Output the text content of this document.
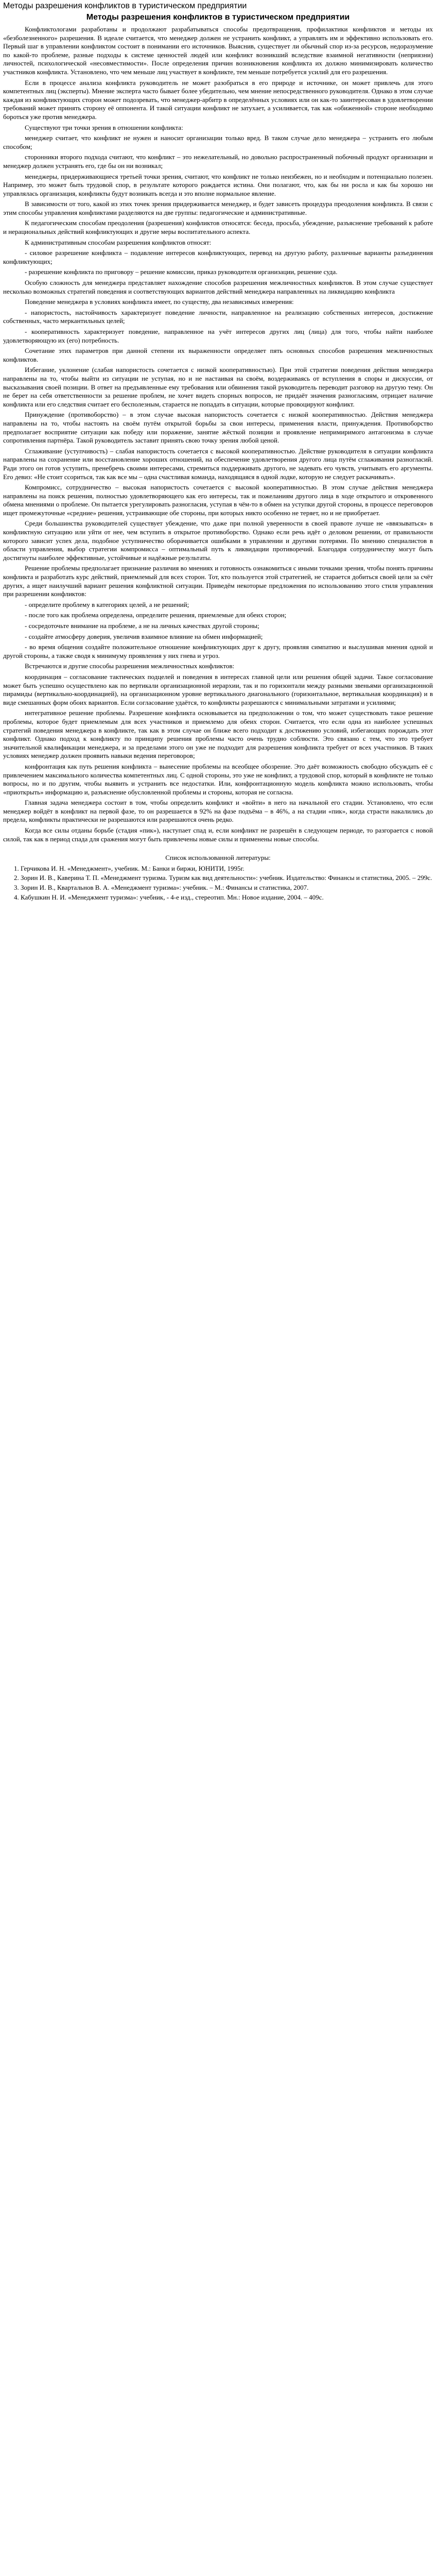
Методы разрешения конфликтов в туристическом предприятии
Методы разрешения конфликтов в туристическом предприятии

Конфликтологами разработаны и продолжают разрабатываться способы предотвращения, профилактики конфликтов и методы их «безболезненного» разрешения. В идеале считается, что менеджер должен не устранить конфликт, а управлять им и эффективно использовать его. Первый шаг в управлении конфликтом состоит в понимании его источников. Выяснив, существует ли обычный спор из-за ресурсов, недоразумение по какой-то проблеме, разные подходы к системе ценностей людей или конфликт возникший вследствие взаимной негативности (неприязни) личностей, психологической «несовместимости». После определения причин возникновения конфликта их должно минимизировать количество участников конфликта. Установлено, что чем меньше лиц участвует в конфликте, тем меньше потребуется усилий для его разрешения.

Если в процессе анализа конфликта руководитель не может разобраться в его природе и источнике, он может привлечь для этого компетентных лиц (эксперты). Мнение эксперта часто бывает более убедительно, чем мнение непосредственного руководителя. Однако в этом случае каждая из конфликтующих сторон может подозревать, что менеджер-арбитр в определённых условиях или он как-то заинтересован в удовлетворении требований может принять сторону её оппонента. И такой ситуации конфликт не затухает, а усиливается, так как «обиженной» стороне необходимо бороться уже против менеджера.

Существуют три точки зрения в отношении конфликта:

менеджер считает, что конфликт не нужен и наносит организации только вред. В таком случае дело менеджера – устранить его любым способом;

сторонники второго подхода считают, что конфликт – это нежелательный, но довольно распространенный побочный продукт организации и менеджер должен устранять его, где бы он ни возникал;

менеджеры, придерживающиеся третьей точки зрения, считают, что конфликт не только неизбежен, но и необходим и потенциально полезен. Например, это может быть трудовой спор, в результате которого рождается истина. Они полагают, что, как бы ни росла и как бы хорошо ни управлялась организация, конфликты будут возникать всегда и это вполне нормальное явление.

В зависимости от того, какой из этих точек зрения придерживается менеджер, и будет зависеть процедура преодоления конфликта. В связи с этим способы управления конфликтами разделяются на две группы: педагогические и административные.

К педагогическим способам преодоления (разрешения) конфликтов относятся: беседа, просьба, убеждение, разъяснение требований к работе и нерациональных действий конфликтующих и другие меры воспитательного аспекта.

К административным способам разрешения конфликтов относят:

- силовое разрешение конфликта – подавление интересов конфликтующих, перевод на другую работу, различные варианты разъединения конфликтующих;

- разрешение конфликта по приговору – решение комиссии, приказ руководителя организации, решение суда.

Особую сложность для менеджера представляет нахождение способов разрешения межличностных конфликтов. В этом случае существует несколько возможных стратегий поведения и соответствующих вариантов действий менеджера направленных на ликвидацию конфликта

Поведение менеджера в условиях конфликта имеет, по существу, два независимых измерения:

- напористость, настойчивость характеризует поведение личности, направленное на реализацию собственных интересов, достижение собственных, часто меркантильных целей;

- кооперативность характеризует поведение, направленное на учёт интересов других лиц (лица) для того, чтобы найти наиболее удовлетворяющую их (его) потребность.

Сочетание этих параметров при данной степени их выраженности определяет пять основных способов разрешения межличностных конфликтов.

Избегание, уклонение (слабая напористость сочетается с низкой кооперативностью). При этой стратегии поведения действия менеджера направлены на то, чтобы выйти из ситуации не уступая, но и не настаивая на своём, воздерживаясь от вступления в споры и дискуссии, от высказывания своей позиции. В ответ на предъявленные ему требования или обвинения такой руководитель переводит разговор на другую тему. Он не берет на себя ответственности за решение проблем, не хочет видеть спорных вопросов, не придаёт значения разногласиям, отрицает наличие конфликта или его следствия считает его бесполезным, старается не попадать в ситуации, которые провоцируют конфликт.

Принуждение (противоборство) – в этом случае высокая напористость сочетается с низкой кооперативностью. Действия менеджера направлены на то, чтобы настоять на своём путём открытой борьбы за свои интересы, применения власти, принуждения. Противоборство предполагает восприятие ситуации как победу или поражение, занятие жёсткой позиции и проявление непримиримого антагонизма в случае сопротивления партнёра. Такой руководитель заставит принять свою точку зрения любой ценой.

Сглаживание (уступчивость) – слабая напористость сочетается с высокой кооперативностью. Действие руководителя в ситуации конфликта направлены на сохранение или восстановление хороших отношений, на обеспечение удовлетворения другого лица путём сглаживания разногласий. Ради этого он готов уступить, пренебречь своими интересами, стремиться поддерживать другого, не задевать его чувств, учитывать его аргументы. Его девиз: «Не стоит ссориться, так как все мы – одна счастливая команда, находящаяся в одной лодке, которую не следует раскачивать».

Компромисс, сотрудничество – высокая напористость сочетается с высокой кооперативностью. В этом случае действия менеджера направлены на поиск решения, полностью удовлетворяющего как его интересы, так и пожеланиям другого лица в ходе открытого и откровенного обмена мнениями о проблеме. Он пытается урегулировать разногласия, уступая в чём-то в обмен на уступки другой стороны, в процессе переговоров ищет промежуточные «средние» решения, устраивающие обе стороны, при которых никто особенно не теряет, но и не приобретает.

Среди большинства руководителей существует убеждение, что даже при полной уверенности в своей правоте лучше не «ввязываться» в конфликтную ситуацию или уйти от нее, чем вступить в открытое противоборство. Однако если речь идёт о деловом решении, от правильности которого зависит успех дела, подобное уступничество оборачивается ошибками в управлении и другими потерями. По мнению специалистов в области управления, выбор стратегии компромисса – оптимальный путь к ликвидации противоречий. Благодаря сотрудничеству могут быть достигнуты наиболее эффективные, устойчивые и надёжные результаты.

Решение проблемы предполагает признание различия во мнениях и готовность ознакомиться с иными точками зрения, чтобы понять причины конфликта и разработать курс действий, приемлемый для всех сторон. Тот, кто пользуется этой стратегией, не старается добиться своей цели за счёт других, а ищет наилучший вариант решения конфликтной ситуации. Приведём некоторые предложения по использованию этого стиля управления при разрешении конфликтов:

- определите проблему в категориях целей, а не решений;

- после того как проблема определена, определите решения, приемлемые для обеих сторон;

- сосредоточьте внимание на проблеме, а не на личных качествах другой стороны;

- создайте атмосферу доверия, увеличив взаимное влияние на обмен информацией;

- во время общения создайте положительное отношение конфликтующих друг к другу, проявляя симпатию и выслушивая мнения одной и другой стороны, а также сводя к минимуму проявления у них гнева и угроз.

Встречаются и другие способы разрешения межличностных конфликтов:

координация – согласование тактических подцелей и поведения в интересах главной цели или решения общей задачи. Такое согласование может быть успешно осуществлено как по вертикали организационной иерархии, так и по горизонтали между разными звеньями организационной пирамиды (вертикально-координацией), на организационном уровне вертикального диагонального (горизонтальное, вертикальная координация) и в виде смешанных форм обоих вариантов. Если согласование удаётся, то конфликты разрешаются с минимальными затратами и усилиями;

интегративное решение проблемы. Разрешение конфликта основывается на предположении о том, что может существовать такое решение проблемы, которое будет приемлемым для всех участников и приемлемо для обеих сторон. Считается, что если одна из наиболее успешных стратегий поведения менеджера в конфликте, так как в этом случае он ближе всего подходит к достижению условий, избегающих порождать этот конфликт. Однако подход к конфликту по принципу решения проблемы часто очень трудно соблюсти. Это связано с тем, что это требует значительной квалификации менеджера, и за пределами этого он уже не подходит для разрешения конфликта требует от всех участников. В таких условиях менеджер должен проявить навыки ведения переговоров;

конфронтация как путь решения конфликта – вынесение проблемы на всеобщее обозрение. Это даёт возможность свободно обсуждать её с привлечением максимального количества компетентных лиц. С одной стороны, это уже не конфликт, а трудовой спор, который в конфликте не только вопросы, но и по другим, чтобы выявить и устранить все недостатки. Или, конфронтационную модель конфликта можно использовать, чтобы «приоткрыть» информацию и, разъяснение обусловленной проблемы и стороны, которая не согласна.

Главная задача менеджера состоит в том, чтобы определить конфликт и «войти» в него на начальной его стадии. Установлено, что если менеджер войдёт в конфликт на первой фазе, то он разрешается в 92% на фазе подъёма – в 46%, а на стадии «пик», когда страсти накалились до предела, конфликты практически не разрешаются или разрешаются очень редко.

Когда все силы отданы борьбе (стадия «пик»), наступает спад и, если конфликт не разрешён в следующем периоде, то разгорается с новой силой, так как в период спада для сражения могут быть привлечены новые силы и применены новые способы.

Список использованной литературы:

1. Герчикова И. Н. «Менеджмент», учебник. М.: Банки и биржи, ЮНИТИ, 1995г.
2. Зорин И. В., Каверина Т. П. «Менеджмент туризма. Туризм как вид деятельности»: учебник. Издательство: Финансы и статистика, 2005. – 299с.
3. Зорин И. В., Квартальнов В. А. «Менеджмент туризма»: учебник. – М.: Финансы и статистика, 2007.
4. Кабушкин Н. И. «Менеджмент туризма»: учебник, - 4-е изд., стереотип. Мн.: Новое издание, 2004. – 409с.
